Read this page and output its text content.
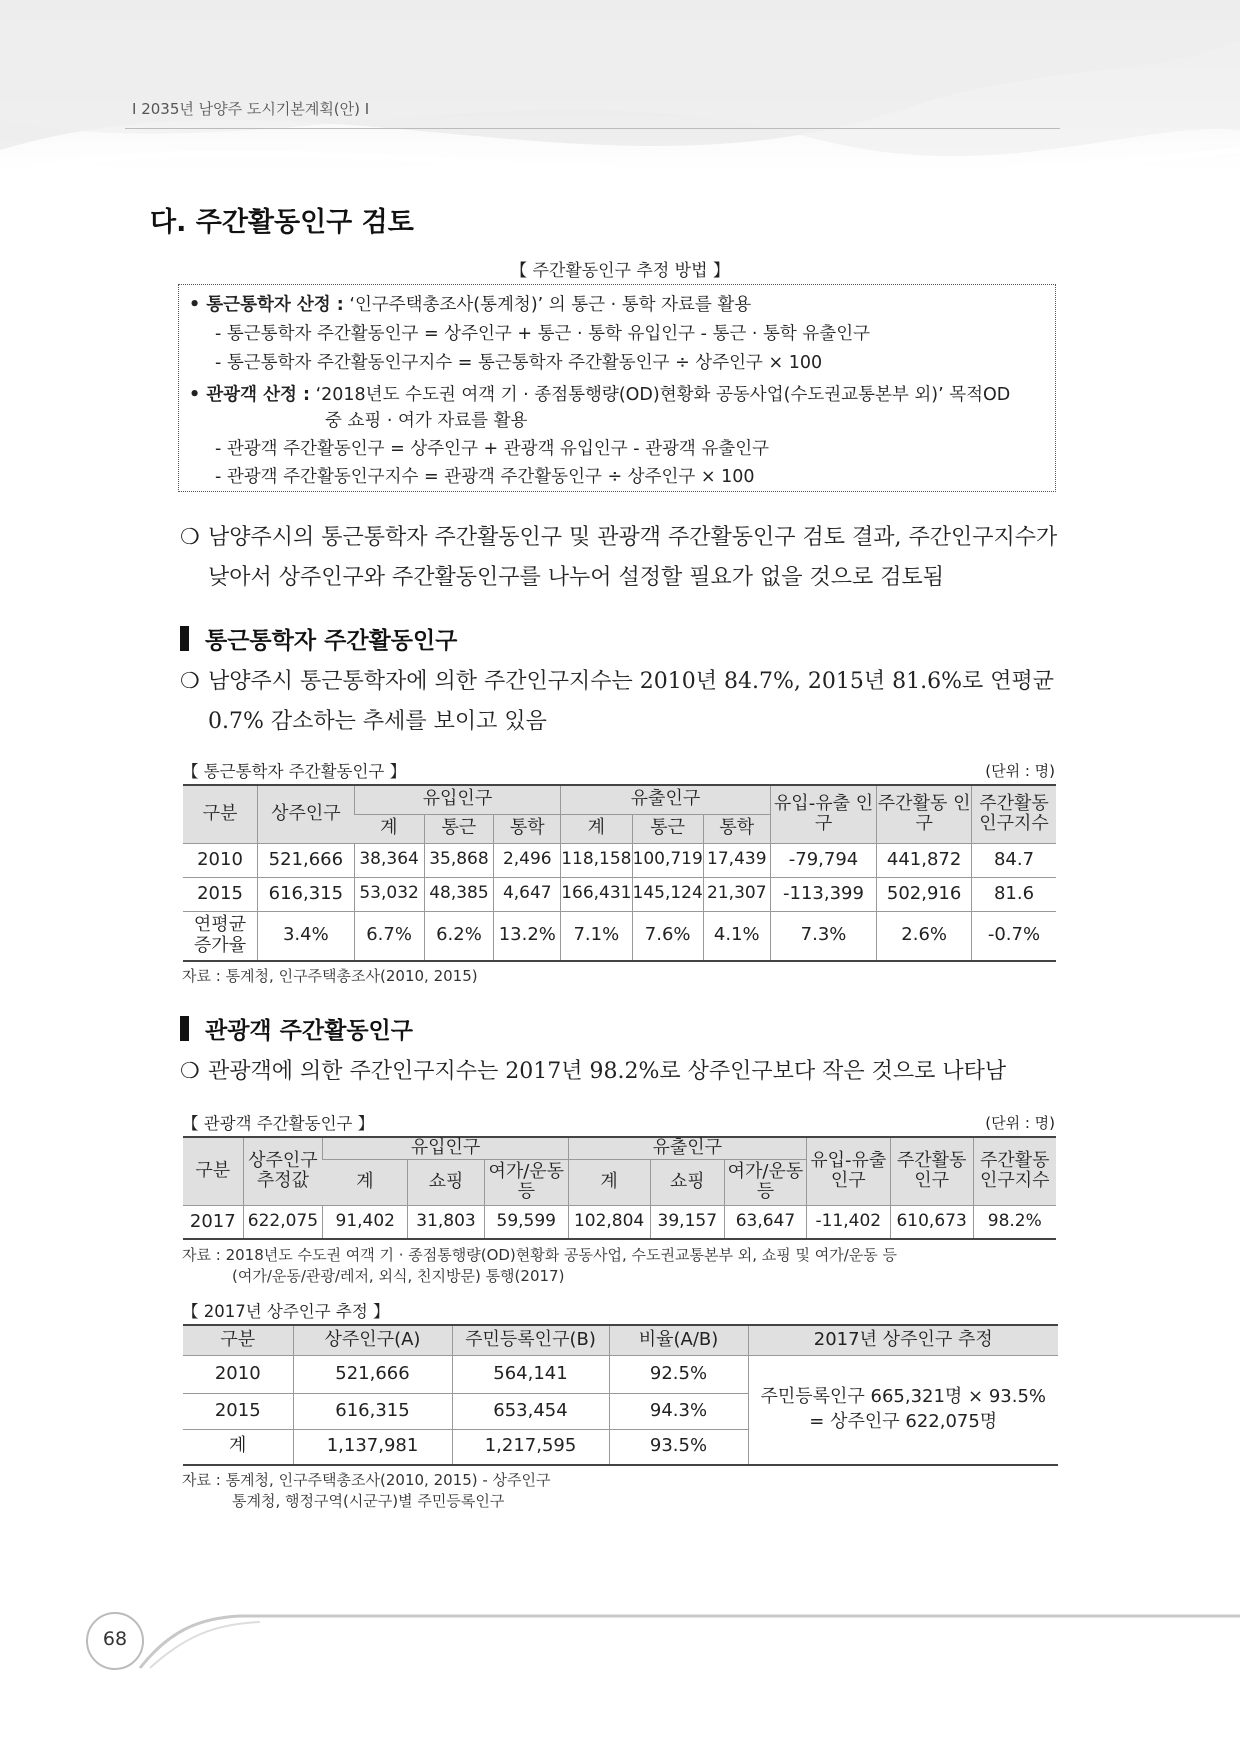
I 2035년 남양주 도시기본계획(안) I
다. 주간활동인구 검토
【 주간활동인구 추정 방법 】
• 통근통학자 산정 : ‘인구주택총조사(통계청)’ 의 통근 · 통학 자료를 활용
- 통근통학자 주간활동인구 = 상주인구 + 통근 · 통학 유입인구 - 통근 · 통학 유출인구
- 통근통학자 주간활동인구지수 = 통근통학자 주간활동인구 ÷ 상주인구 × 100
• 관광객 산정 : ‘2018년도 수도권 여객 기 · 종점통행량(OD)현황화 공동사업(수도권교통본부 외)’ 목적OD
중 쇼핑 · 여가 자료를 활용
- 관광객 주간활동인구 = 상주인구 + 관광객 유입인구 - 관광객 유출인구
- 관광객 주간활동인구지수 = 관광객 주간활동인구 ÷ 상주인구 × 100
❍ 남양주시의 통근통학자 주간활동인구 및 관광객 주간활동인구 검토 결과, 주간인구지수가
낮아서 상주인구와 주간활동인구를 나누어 설정할 필요가 없을 것으로 검토됨
통근통학자 주간활동인구
❍ 남양주시 통근통학자에 의한 주간인구지수는 2010년 84.7%, 2015년 81.6%로 연평균
0.7% 감소하는 추세를 보이고 있음
【 통근통학자 주간활동인구 】	(단위 : 명)
구분	상주인구	유입인구			유출인구			유입-유출 인구	주간활동 인구	주간활동 인구지수
		계	통근	통학	계	통근	통학			
2010	521,666	38,364	35,868	2,496	118,158	100,719	17,439	-79,794	441,872	84.7
2015	616,315	53,032	48,385	4,647	166,431	145,124	21,307	-113,399	502,916	81.6
연평균 증가율	3.4%	6.7%	6.2%	13.2%	7.1%	7.6%	4.1%	7.3%	2.6%	-0.7%
자료 : 통계청, 인구주택총조사(2010, 2015)
관광객 주간활동인구
❍ 관광객에 의한 주간인구지수는 2017년 98.2%로 상주인구보다 작은 것으로 나타남
【 관광객 주간활동인구 】	(단위 : 명)
구분	상주인구 추정값	유입인구			유출인구			유입-유출 인구	주간활동 인구	주간활동 인구지수
		계	쇼핑	여가/운동 등	계	쇼핑	여가/운동 등			
2017	622,075	91,402	31,803	59,599	102,804	39,157	63,647	-11,402	610,673	98.2%
자료 : 2018년도 수도권 여객 기 · 종점통행량(OD)현황화 공동사업, 수도권교통본부 외, 쇼핑 및 여가/운동 등
(여가/운동/관광/레저, 외식, 친지방문) 통행(2017)
【 2017년 상주인구 추정 】
구분	상주인구(A)	주민등록인구(B)	비율(A/B)	2017년 상주인구 추정
2010	521,666	564,141	92.5%	주민등록인구 665,321명 × 93.5%
= 상주인구 622,075명

2015	616,315	653,454	94.3%	
계	1,137,981	1,217,595	93.5%	
자료 : 통계청, 인구주택총조사(2010, 2015) - 상주인구
통계청, 행정구역(시군구)별 주민등록인구
68
